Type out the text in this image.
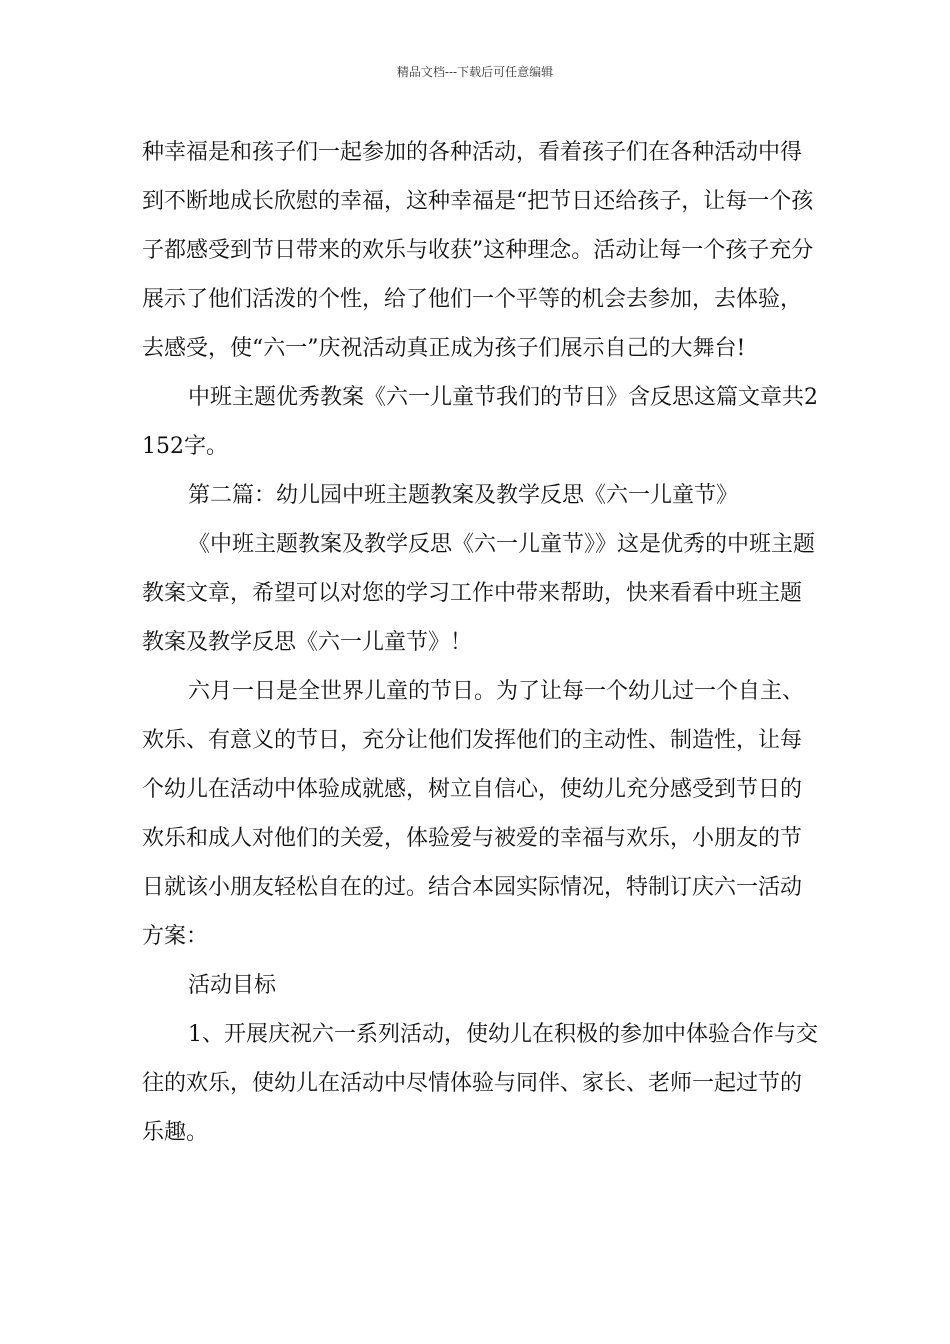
精品文档---下载后可任意编辑

种幸福是和孩子们一起参加的各种活动，看着孩子们在各种活动中得到不断地成长欣慰的幸福，这种幸福是“把节日还给孩子，让每一个孩子都感受到节日带来的欢乐与收获”这种理念。活动让每一个孩子充分展示了他们活泼的个性，给了他们一个平等的机会去参加，去体验，去感受，使“六一”庆祝活动真正成为孩子们展示自己的大舞台!

中班主题优秀教案《六一儿童节我们的节日》含反思这篇文章共2152字。

第二篇：幼儿园中班主题教案及教学反思《六一儿童节》

《中班主题教案及教学反思《六一儿童节》》这是优秀的中班主题教案文章，希望可以对您的学习工作中带来帮助，快来看看中班主题教案及教学反思《六一儿童节》！

六月一日是全世界儿童的节日。为了让每一个幼儿过一个自主、欢乐、有意义的节日，充分让他们发挥他们的主动性、制造性，让每个幼儿在活动中体验成就感，树立自信心，使幼儿充分感受到节日的欢乐和成人对他们的关爱，体验爱与被爱的幸福与欢乐，小朋友的节日就该小朋友轻松自在的过。结合本园实际情况，特制订庆六一活动方案：

活动目标

1、开展庆祝六一系列活动，使幼儿在积极的参加中体验合作与交往的欢乐，使幼儿在活动中尽情体验与同伴、家长、老师一起过节的乐趣。
